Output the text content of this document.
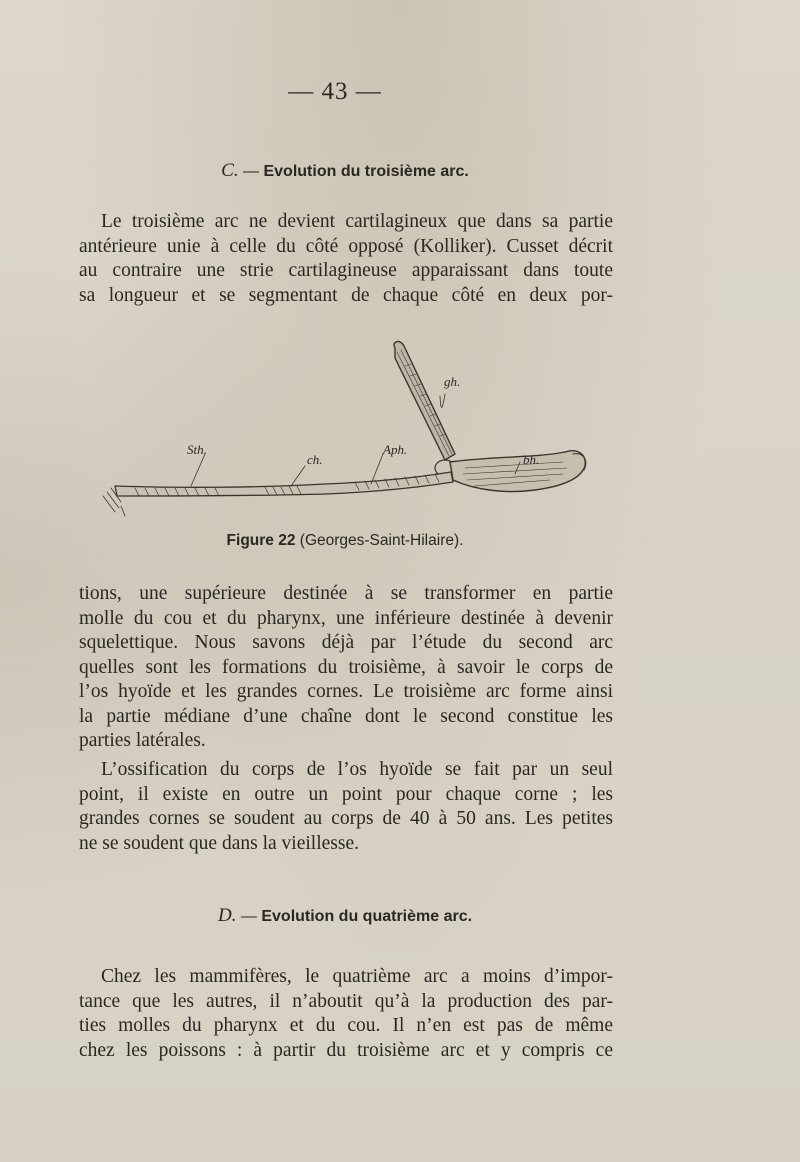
— 43 —
C. — Evolution du troisième arc.
Le troisième arc ne devient cartilagineux que dans sa partie
antérieure unie à celle du côté opposé (Kolliker). Cusset décrit
au contraire une strie cartilagineuse apparaissant dans toute
sa longueur et se segmentant de chaque côté en deux por-
gh.
Sth.
ch.
Aph.
bh.
Figure 22 (Georges-Saint-Hilaire).
tions, une supérieure destinée à se transformer en partie
molle du cou et du pharynx, une inférieure destinée à devenir
squelettique. Nous savons déjà par l’étude du second arc
quelles sont les formations du troisième, à savoir le corps de
l’os hyoïde et les grandes cornes. Le troisième arc forme ainsi
la partie médiane d’une chaîne dont le second constitue les
parties latérales.
L’ossification du corps de l’os hyoïde se fait par un seul
point, il existe en outre un point pour chaque corne ; les
grandes cornes se soudent au corps de 40 à 50 ans. Les petites
ne se soudent que dans la vieillesse.
D. — Evolution du quatrième arc.
Chez les mammifères, le quatrième arc a moins d’impor-
tance que les autres, il n’aboutit qu’à la production des par-
ties molles du pharynx et du cou. Il n’en est pas de même
chez les poissons : à partir du troisième arc et y compris ce
